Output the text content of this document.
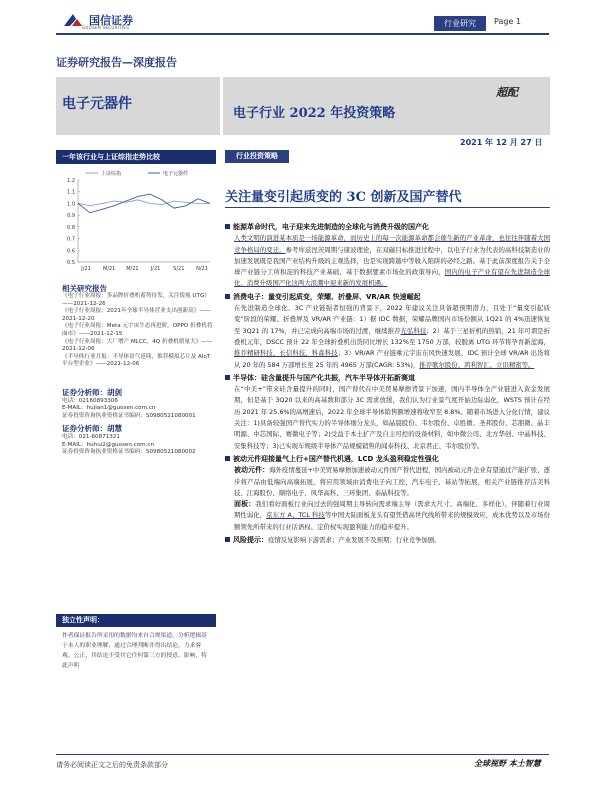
国信证券
GUOSEN SECURITIES	行业研究	Page 1
证券研究报告—深度报告
电子元器件
超配
电子行业 2022 年投资策略
2021 年 12 月 27 日
一年该行业与上证综指走势比较
上证综指	电子元器件
1.2
1.1
1.0
0.9
0.8
0.7
0.6
0.5
J/21 M/21 M/21 J/21	S/21 N/21
相关研究报告
《电子行业周报：多品牌折叠机蓄势待发，关注锐视 UTG》——2021-12-26
《电子行业周报：2021年全球半导体营业支出创新高》——2021-12-20
《电子行业周报：Meta 元宇宙生态再进阶，OPPO 折叠机将面市》——2021-12-15
《电子行业周报：大厂增产 MLCC，4Q 折叠机销量大》——2021-12-06
《半导体行业月报：半导体景气延续，推荐模拟芯片及 AIoT 平台型企业》——2021-12-06
证券分析师：胡剑
电话：02160893306
E-MAIL：hujian1@guosen.com.cn
证券投资咨询执业资格证书编码：S0980521080001
证券分析师：胡慧
电话：021-60871321
E-MAIL：huhui2@guosen.com.cn
证券投资咨询执业资格证书编码：S0980521080002
独立性声明：
作者保证报告所采用的数据均来自合规渠道，分析逻辑基于本人的职业理解，通过合理判断并得出结论，力求客观、公正，其结论不受其它任何第三方的授意、影响，特此声明
行业投资策略
关注量变引起质变的 3C 创新及国产替代
能源革命时代，电子迎来先进制造的全球化与消费升级的国产化
人类文明的演进某本质是一场能源革命，而历史上的每一次能源革命都会催生新的产业革命，也往往伴随着大国竞争格局的变迁。参考库兹涅茨周期与康波理论，在双碳目标推进过程中，以电子行业为代表的高科技制造业的加速发展既是我国产业结构升级的主观选择，也是实现跨越中等收入陷阱的必经之路。基于此前深度报告关于全球产业链分工所积淀的科技产业基础，基于数据要素市场化的政策导向，国内的电子产业有望在先进制造全球化、消费升级国产化这两大浪潮中迎来新的发展机遇。
消费电子：量变引起质变，荣耀、折叠屏、VR/AR 快速崛起
在先进制造全球化、3C 产业链强者恒强的背景下，2022 年建议关注具备超预期潜力，且处于“量变引起质变”阶段的荣耀、折叠屏及 VR/AR 产业链：1）据 IDC 数据，荣耀品牌国内市场份额从 1Q21 的 4%迅速恢复至 3Q21 的 17%，并已完成向高端市场的过渡，继续推荐光弘科技；2）基于三星折机的热销，21 年可谓是折叠机元年，DSCC 预计 22 年全球折叠机出货同比增长 132%至 1750 万部，较脱离 UTG 环节将孕育新蓝海，推荐精研科技、长信科技、科森科技；3）VR/AR 产业链乘元宇宙东风快速发展，IDC 预计全球 VR/AR 出货将从 20 年的 584 万部增长至 25 年的 4965 万部(CAGR: 53%)，推荐歌尔股份、鸿利智汇、立讯精密等。
半导体：硅含量提升与国产化共振，汽车半导体开拓新赛道
在“中美+”带来硅含量提升的同时，国产替代在中美贸易摩擦背景下加速，国内半导体全产业链进入黄金发展期，但是基于 3Q20 以来的高基数和部分 3C 需求放缓，我们认为行业景气度开始边际弱化，WSTS 预计在经历 2021 年 25.6%的高增速后，2022 年全球半导体销售额增速将收窄至 8.8%。随着市场进入分化行情，建议关注：1)具备较强国产替代实力的半导体细分龙头，如晶晨股份、韦尔股份、卓胜微、圣邦股份、芯朋微、晶丰明源、中芯国际、赛微电子等；2)受益于本土扩产及自主可控的设备材料，如中微公司、北方华创、中晶科技、安集科技等；3)已实现车规级半导体产品规模销售的闻泰科技、北京君正、韦尔股份等。
被动元件迎接量气上行+国产替代机遇，LCD 龙头盈利稳定性强化
被动元件：海外疫情蔓延+中美贸易摩擦加速被动元件国产替代进程，国内被动元件企业有望通过产能扩张、逐步将产品由低端向高端拓展，将应用领域由消费电子向工控、汽车电子、基站等拓展，相关产业链推荐洁美科技、江海股份、顺络电子、风华高科、三环集团、泰晶科技等。
面板：我们看好面板行业向过去的强周期主导转向需求端主导（需求大尺寸、高端化、多样化），伴随着行业周期性弱化，京东方 A、TCL 科技等中国大陆面板龙头有望凭借高世代线所带来的规模效应，成本优势以及市场份额领先所带来的行业话语权、定价权实现盈利能力的稳步提升。
风险提示：疫情反复影响下游需求；产业发展不及预期；行业竞争加剧。
请务必阅读正文之后的免责条款部分	全球视野 本土智慧
